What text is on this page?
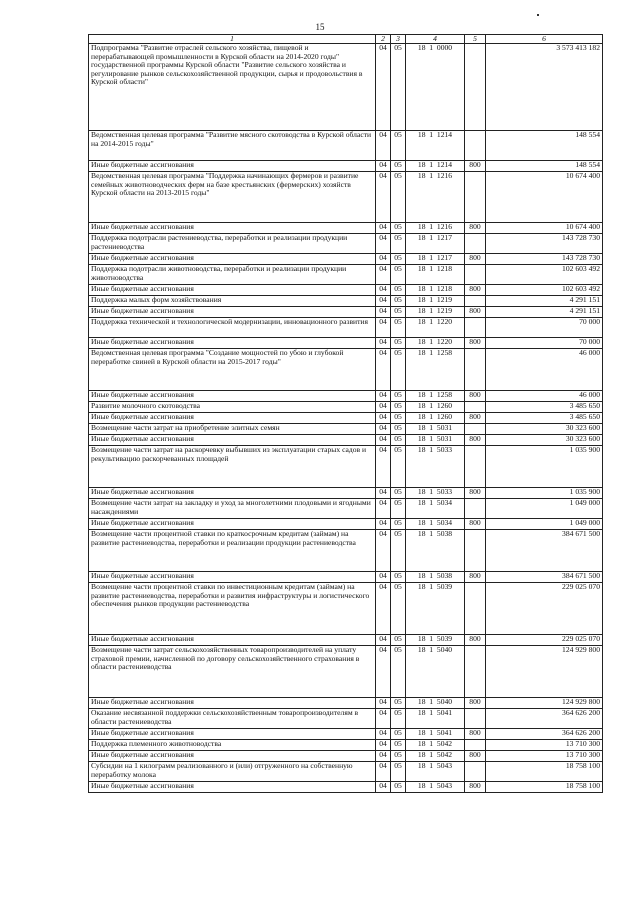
15
1	2	3	4	5	6
Подпрограмма "Развитие отраслей сельского хозяйства, пищевой и перерабатывающей промышленности в Курской области на 2014-2020 годы" государственной программы Курской области "Развитие сельского хозяйства и регулирование рынков сельскохозяйственной продукции, сырья и продовольствия в Курской области"	04	05	18  1  0000		3 573 413 182
Ведомственная целевая программа "Развитие мясного скотоводства в Курской области на 2014-2015 годы"	04	05	18  1  1214		148 554
Иные бюджетные ассигнования	04	05	18  1  1214	800	148 554
Ведомственная целевая программа "Поддержка начинающих фермеров и развитие семейных животноводческих ферм на базе крестьянских (фермерских) хозяйств Курской области на 2013-2015 годы"	04	05	18  1  1216		10 674 400
Иные бюджетные ассигнования	04	05	18  1  1216	800	10 674 400
Поддержка подотрасли растениеводства, переработки и реализации продукции растениеводства	04	05	18  1  1217		143 728 730
Иные бюджетные ассигнования	04	05	18  1  1217	800	143 728 730
Поддержка подотрасли животноводства, переработки и реализации продукции животноводства	04	05	18  1  1218		102 603 492
Иные бюджетные ассигнования	04	05	18  1  1218	800	102 603 492
Поддержка малых форм хозяйствования	04	05	18  1  1219		4 291 151
Иные бюджетные ассигнования	04	05	18  1  1219	800	4 291 151
Поддержка технической и технологической модернизации, инновационного развития	04	05	18  1  1220		70 000
Иные бюджетные ассигнования	04	05	18  1  1220	800	70 000
Ведомственная целевая программа "Создание мощностей по убою и глубокой переработке свиней в Курской области на 2015-2017 годы"	04	05	18  1  1258		46 000
Иные бюджетные ассигнования	04	05	18  1  1258	800	46 000
Развитие молочного скотоводства	04	05	18  1  1260		3 485 650
Иные бюджетные ассигнования	04	05	18  1  1260	800	3 485 650
Возмещение части затрат на приобретение элитных семян	04	05	18  1  5031		30 323 600
Иные бюджетные ассигнования	04	05	18  1  5031	800	30 323 600
Возмещение части затрат на раскорчевку выбывших из эксплуатации старых садов и рекультивацию раскорчеванных площадей	04	05	18  1  5033		1 035 900
Иные бюджетные ассигнования	04	05	18  1  5033	800	1 035 900
Возмещение части затрат на закладку и уход за многолетними плодовыми и ягодными насаждениями	04	05	18  1  5034		1 049 000
Иные бюджетные ассигнования	04	05	18  1  5034	800	1 049 000
Возмещение части процентной ставки по краткосрочным кредитам (займам) на развитие растениеводства, переработки и реализации продукции растениеводства	04	05	18  1  5038		384 671 500
Иные бюджетные ассигнования	04	05	18  1  5038	800	384 671 500
Возмещение части процентной ставки по инвестиционным кредитам (займам) на развитие растениеводства, переработки и развития инфраструктуры и логистического обеспечения рынков продукции растениеводства	04	05	18  1  5039		229 025 070
Иные бюджетные ассигнования	04	05	18  1  5039	800	229 025 070
Возмещение части затрат сельскохозяйственных товаропроизводителей на уплату страховой премии, начисленной по договору сельскохозяйственного страхования в области растениеводства	04	05	18  1  5040		124 929 800
Иные бюджетные ассигнования	04	05	18  1  5040	800	124 929 800
Оказание несвязанной поддержки сельскохозяйственным товаропроизводителям в области растениеводства	04	05	18  1  5041		364 626 200
Иные бюджетные ассигнования	04	05	18  1  5041	800	364 626 200
Поддержка племенного животноводства	04	05	18  1  5042		13 710 300
Иные бюджетные ассигнования	04	05	18  1  5042	800	13 710 300
Субсидии на 1 килограмм реализованного и (или) отгруженного на собственную переработку молока	04	05	18  1  5043		18 758 100
Иные бюджетные ассигнования	04	05	18  1  5043	800	18 758 100
